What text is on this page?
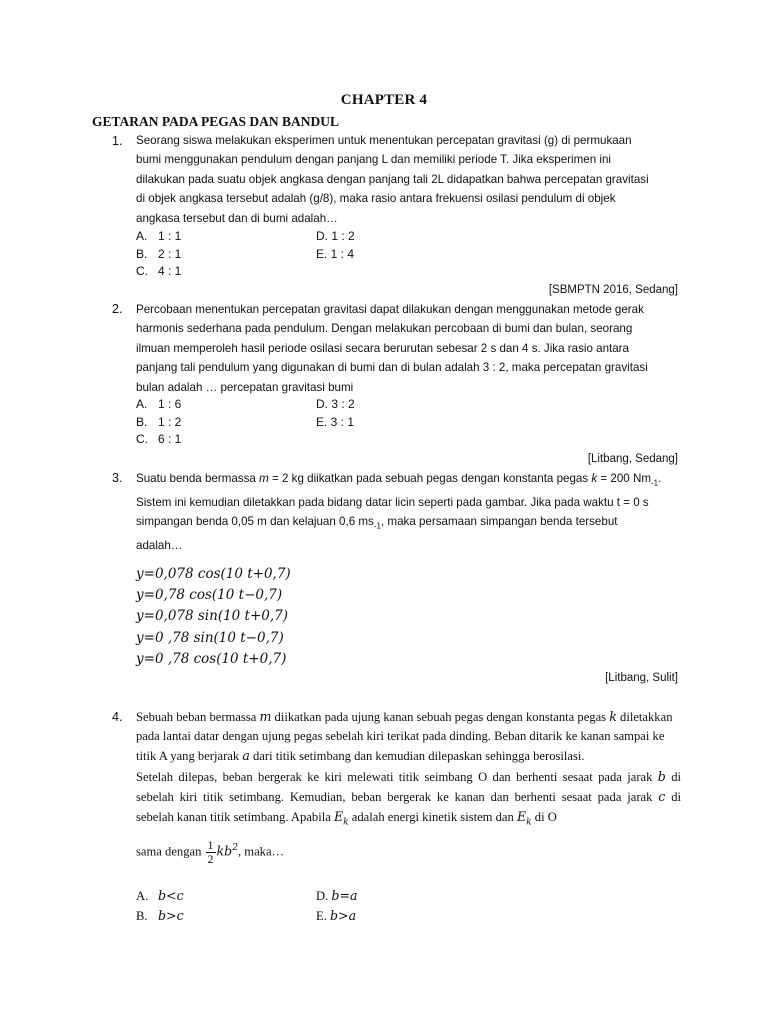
CHAPTER 4
GETARAN PADA PEGAS DAN BANDUL
1. Seorang siswa melakukan eksperimen untuk menentukan percepatan gravitasi (g) di permukaan

bumi menggunakan pendulum dengan panjang L dan memiliki periode T. Jika eksperimen ini

dilakukan pada suatu objek angkasa dengan panjang tali 2L didapatkan bahwa percepatan gravitasi

di objek angkasa tersebut adalah (g/8), maka rasio antara frekuensi osilasi pendulum di objek

angkasa tersebut dan di bumi adalah…

A. 1 : 1	D. 1 : 2
B. 2 : 1	E. 1 : 4
C. 4 : 1
[SBMPTN 2016, Sedang]
2. Percobaan menentukan percepatan gravitasi dapat dilakukan dengan menggunakan metode gerak

harmonis sederhana pada pendulum. Dengan melakukan percobaan di bumi dan bulan, seorang

ilmuan memperoleh hasil periode osilasi secara berurutan sebesar 2 s dan 4 s. Jika rasio antara

panjang tali pendulum yang digunakan di bumi dan di bulan adalah 3 : 2, maka percepatan gravitasi

bulan adalah … percepatan gravitasi bumi

A. 1 : 6	D. 3 : 2
B. 1 : 2	E. 3 : 1
C. 6 : 1
[Litbang, Sedang]
3. Suatu benda bermassa m = 2 kg diikatkan pada sebuah pegas dengan konstanta pegas k = 200 $Nm_{-1}$.

Sistem ini kemudian diletakkan pada bidang datar licin seperti pada gambar. Jika pada waktu t = 0 s

simpangan benda 0,05 m dan kelajuan 0,6 $ms_{-1}$, maka persamaan simpangan benda tersebut

adalah…

y=0,078 cos(10 t+0,7)
y=0,78 cos(10 t−0,7)
y=0,078 sin(10 t+0,7)
y=0 ,78 sin(10 t−0,7)
y=0 ,78 cos(10 t+0,7)
[Litbang, Sulit]
4. Sebuah beban bermassa m diikatkan pada ujung kanan sebuah pegas dengan konstanta pegas k diletakkan pada lantai datar dengan ujung pegas sebelah kiri terikat pada dinding. Beban ditarik ke kanan sampai ke titik A yang berjarak a dari titik setimbang dan kemudian dilepaskan sehingga berosilasi.

Setelah dilepas, beban bergerak ke kiri melewati titik seimbang O dan berhenti sesaat pada jarak b di sebelah kiri titik setimbang. Kemudian, beban bergerak ke kanan dan berhenti sesaat pada jarak c di sebelah kanan titik setimbang. Apabila $E_k$ adalah energi kinetik sistem dan $E_k$ di O

sama dengan $\frac{1}{2} kb^2$, maka…

A. b<c	D. b=a
B. b>c	E. b>a
